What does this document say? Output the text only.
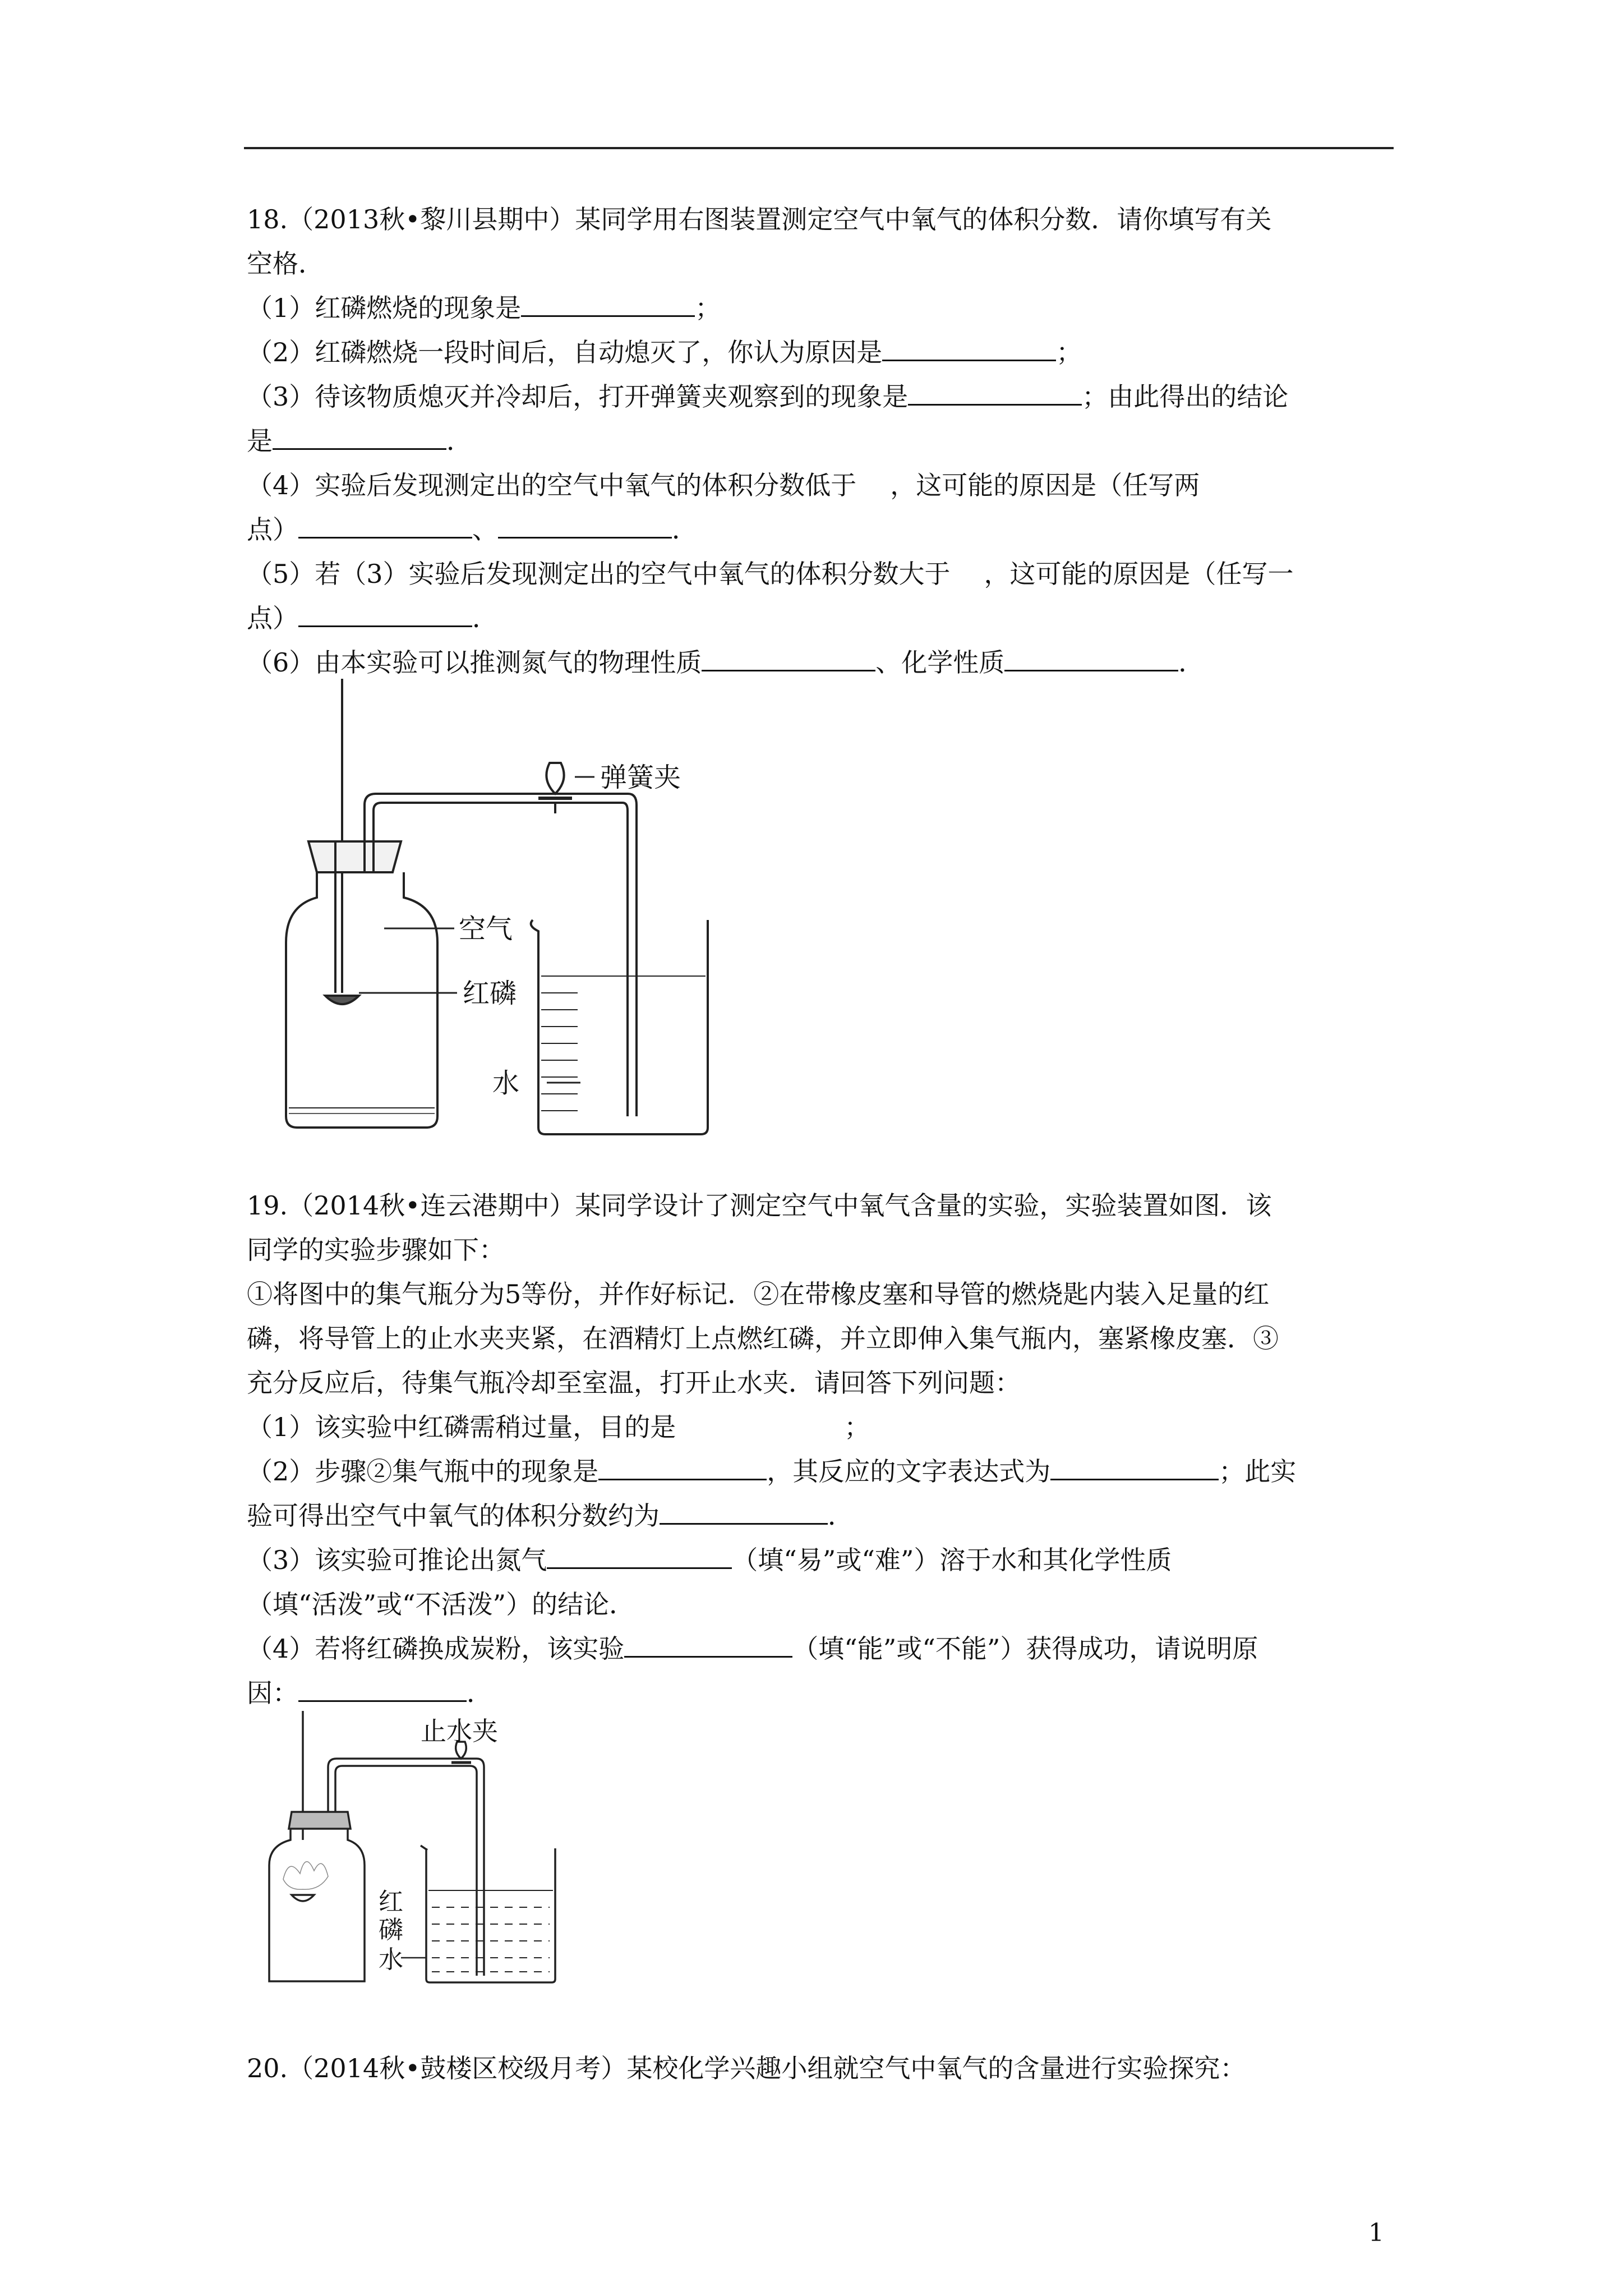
18.（2013秋•黎川县期中）某同学用右图装置测定空气中氧气的体积分数．请你填写有关

空格．

（1）红磷燃烧的现象是	；

（2）红磷燃烧一段时间后，自动熄灭了，你认为原因是	；

（3）待该物质熄灭并冷却后，打开弹簧夹观察到的现象是	；由此得出的结论

是	．

（4）实验后发现测定出的空气中氧气的体积分数低于 ，这可能的原因是（任写两

点）	、	．

（5）若（3）实验后发现测定出的空气中氧气的体积分数大于 ，这可能的原因是（任写一

点）	．

（6）由本实验可以推测氮气的物理性质	、化学性质	．

弹簧夹
空气
红磷
水

19.（2014秋•连云港期中）某同学设计了测定空气中氧气含量的实验，实验装置如图．该

同学的实验步骤如下：

①将图中的集气瓶分为5等份，并作好标记．②在带橡皮塞和导管的燃烧匙内装入足量的红

磷，将导管上的止水夹夹紧，在酒精灯上点燃红磷，并立即伸入集气瓶内，塞紧橡皮塞．③

充分反应后，待集气瓶冷却至室温，打开止水夹．请回答下列问题：

（1）该实验中红磷需稍过量，目的是	；

（2）步骤②集气瓶中的现象是	，其反应的文字表达式为	；此实

验可得出空气中氧气的体积分数约为	．

（3）该实验可推论出氮气	（填“易”或“难”）溶于水和其化学性质

（填“活泼”或“不活泼”）的结论．

（4）若将红磷换成炭粉，该实验	（填“能”或“不能”）获得成功，请说明原

因：	．

止水夹
红
磷
水

20.（2014秋•鼓楼区校级月考）某校化学兴趣小组就空气中氧气的含量进行实验探究：

1
